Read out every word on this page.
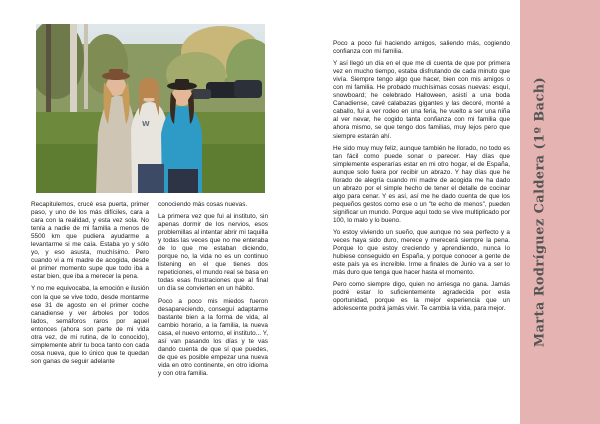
W

Recapitulemos, crucé esa puerta, primer paso, y uno de los más difíciles, cara a cara con la realidad, y esta vez sola. No tenía a nadie de mi familia a menos de 5500 km que pudiera ayudarme a levantarme si me caía. Estaba yo y sólo yo, y eso asusta, muchísimo. Pero cuando vi a mi madre de acogida, desde el primer momento supe que todo iba a estar bien, que iba a merecer la pena.

Y no me equivocaba, la emoción e ilusión con la que se vive todo, desde montarme ese 31 de agosto en el primer coche canadiense y ver árboles por todos lados, semáforos raros por aquel entonces (ahora son parte de mi vida otra vez, de mi rutina, de lo conocido), simplemente abrir tu boca tanto con cada cosa nueva, que lo único que te quedan son ganas de seguir adelante

conociendo más cosas nuevas.

La primera vez que fui al instituto, sin apenas dormir de los nervios, esos problemillas al intentar abrir mi taquilla y todas las veces que no me enteraba de lo que me estaban diciendo, porque no, la vida no es un continuo listening en el que tienes dos repeticiones, el mundo real se basa en todas esas frustraciones que al final un día se convierten en un hábito.

Poco a poco mis miedos fueron desapareciendo, conseguí adaptarme bastante bien a la forma de vida, al cambio horario, a la familia, la nueva casa, el nuevo entorno, el instituto... Y, así van pasando los días y te vas dando cuenta de que sí que puedes, de que es posible empezar una nueva vida en otro continente, en otro idioma y con otra familia.

Poco a poco fui haciendo amigos, saliendo más, cogiendo confianza con mi familia.

Y así llegó un día en el que me di cuenta de que por primera vez en mucho tiempo, estaba disfrutando de cada minuto que vivía. Siempre tengo algo que hacer, bien con mis amigos o con mi familia. He probado muchísimas cosas nuevas: esquí, snowboard; he celebrado Halloween, asistí a una boda Canadiense, cavé calabazas gigantes y las decoré, monté a caballo, fui a ver rodeo en una feria, he vuelto a ser una niña al ver nevar, he cogido tanta confianza con mi familia que ahora mismo, se que tengo dos familias, muy lejos pero que siempre estarán ahí.

He sido muy muy feliz, aunque también he llorado, no todo es tan fácil como puede sonar o parecer. Hay días que simplemente esperarías estar en mi otro hogar, el de España, aunque solo fuera por recibir un abrazo. Y hay días que he llorado de alegría cuando mi madre de acogida me ha dado un abrazo por el simple hecho de tener el detalle de cocinar algo para cenar. Y es así, así me he dado cuenta de que los pequeños gestos como ese o un "te echo de menos", pueden significar un mundo. Porque aquí todo se vive multiplicado por 100, lo malo y lo bueno.

Yo estoy viviendo un sueño, que aunque no sea perfecto y a veces haya sido duro, merece y merecerá siempre la pena. Porque lo que estoy creciendo y aprendiendo, nunca lo hubiese conseguido en España, y porque conocer a gente de este país ya es increíble. Irme a finales de Junio va a ser lo más duro que tenga que hacer hasta el momento.

Pero como siempre digo, quien no arriesga no gana. Jamás podré estar lo suficientemente agradecida por esta oportunidad, porque es la mejor experiencia que un adolescente podrá jamás vivir. Te cambia la vida, para mejor.	Marta Rodríguez Caldera (1º Bach)
